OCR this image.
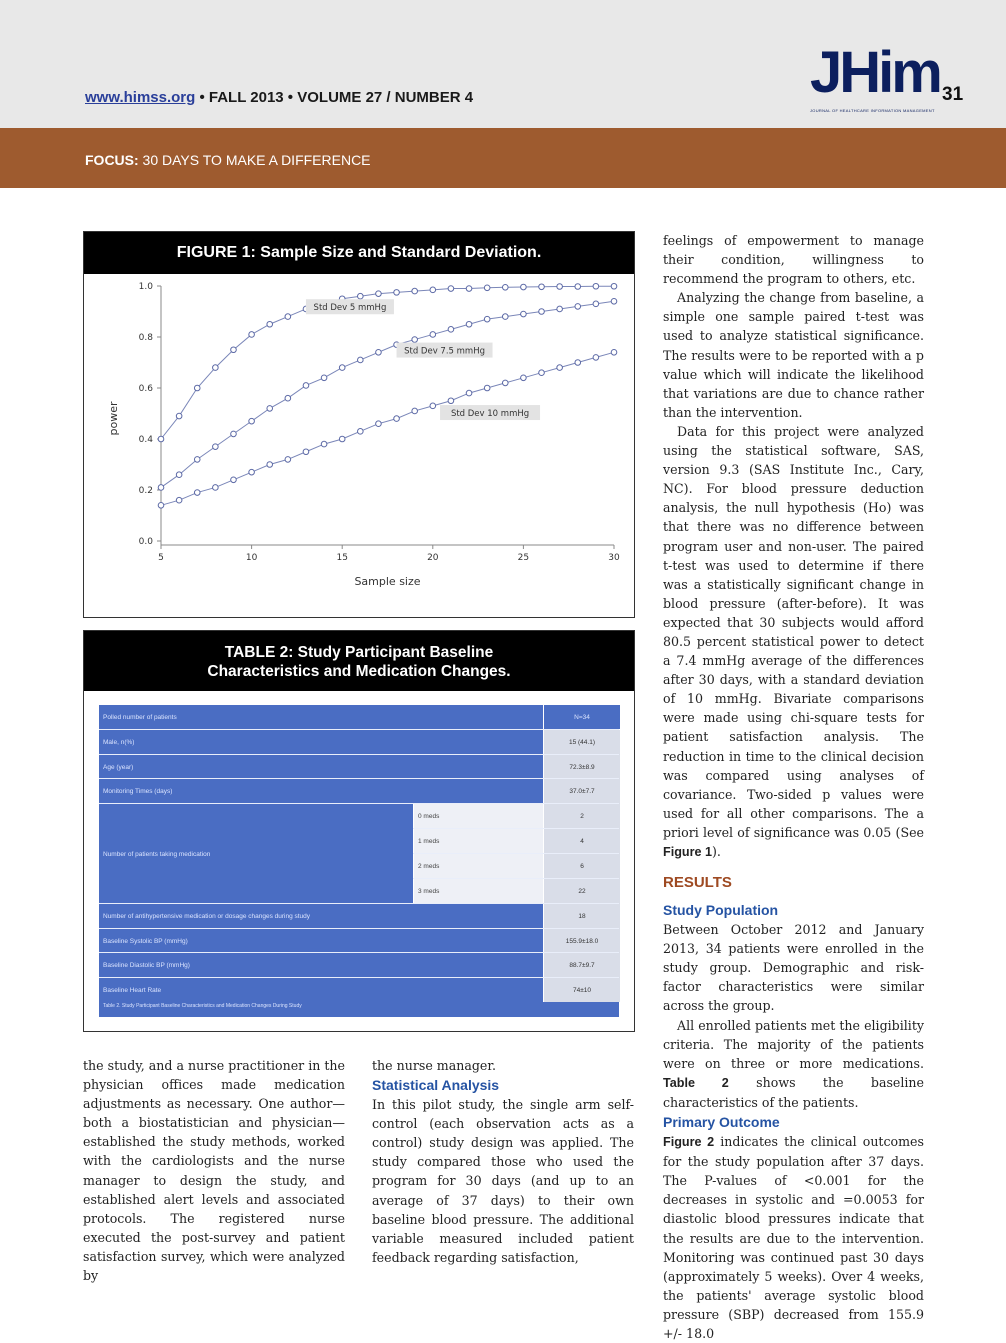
www.himss.org • FALL 2013 • VOLUME 27 / NUMBER 4	JHim
JOURNAL OF HEALTHCARE INFORMATION MANAGEMENT
31
FOCUS: 30 DAYS TO MAKE A DIFFERENCE
FIGURE 1: Sample Size and Standard Deviation.
0.0
0.2
0.4
0.6
0.8
1.0
5	10	15	20	25	30
Sample size
power
Std Dev 5 mmHg
Std Dev 7.5 mmHg
Std Dev 10 mmHg
TABLE 2: Study Participant Baseline
Characteristics and Medication Changes.
Polled number of patients	N=34
Male, n(%)	15 (44.1)
Age (year)	72.3±8.9
Monitoring Times (days)	37.0±7.7
Number of patients taking medication
0 meds	2
1 meds	4
2 meds	6
3 meds	22
Number of antihypertensive medication or dosage changes during study	18
Baseline Systolic BP (mmHg)	155.9±18.0
Baseline Diastolic BP (mmHg)	88.7±9.7
Baseline Heart Rate	74±10
Table 2. Study Participant Baseline Characteristics and Medication Changes During Study

the study, and a nurse practitioner in the physician offices made medication adjustments as necessary. One author—both a biostatistician and physician—established the study methods, worked with the cardiologists and the nurse manager to design the study, and established alert levels and associated protocols. The registered nurse executed the post-survey and patient satisfaction survey, which were analyzed by

the nurse manager.

Statistical Analysis

In this pilot study, the single arm self-control (each observation acts as a control) study design was applied. The study compared those who used the program for 30 days (and up to an average of 37 days) to their own baseline blood pressure. The additional variable measured included patient feedback regarding satisfaction,

feelings of empowerment to manage their condition, willingness to recommend the program to others, etc.

Analyzing the change from baseline, a simple one sample paired t-test was used to analyze statistical significance. The results were to be reported with a p value which will indicate the likelihood that variations are due to chance rather than the intervention.

Data for this project were analyzed using the statistical software, SAS, version 9.3 (SAS Institute Inc., Cary, NC). For blood pressure deduction analysis, the null hypothesis (Ho) was that there was no difference between program user and non-user. The paired t-test was used to determine if there was a statistically significant change in blood pressure (after-before). It was expected that 30 subjects would afford 80.5 percent statistical power to detect a 7.4 mmHg average of the differences after 30 days, with a standard deviation of 10 mmHg. Bivariate comparisons were made using chi-square tests for patient satisfaction analysis. The reduction in time to the clinical decision was compared using analyses of covariance. Two-sided p values were used for all other comparisons. The a priori level of significance was 0.05 (See Figure 1).

RESULTS
Study Population

Between October 2012 and January 2013, 34 patients were enrolled in the study group. Demographic and risk-factor characteristics were similar across the group.

All enrolled patients met the eligibility criteria. The majority of the patients were on three or more medications. Table 2 shows the baseline characteristics of the patients.

Primary Outcome

Figure 2 indicates the clinical outcomes for the study population after 37 days. The P-values of <0.001 for the decreases in systolic and =0.0053 for diastolic blood pressures indicate that the results are due to the intervention. Monitoring was continued past 30 days (approximately 5 weeks). Over 4 weeks, the patients' average systolic blood pressure (SBP) decreased from 155.9 +/- 18.0
